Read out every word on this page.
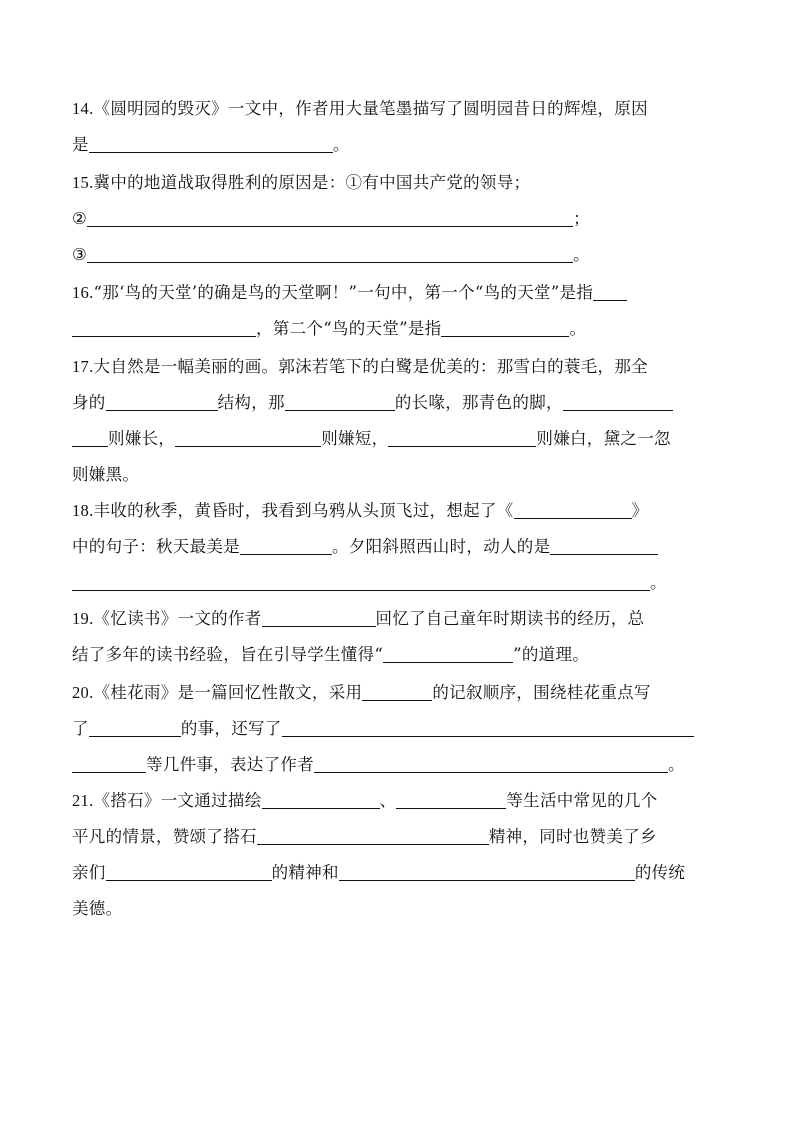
14.《圆明园的毁灭》一文中，作者用大量笔墨描写了圆明园昔日的辉煌，原因
是	。
15.冀中的地道战取得胜利的原因是：①有中国共产党的领导；
②	；
③	。
16.“那‘鸟的天堂’的确是鸟的天堂啊！”一句中，第一个“鸟的天堂”是指
，第二个“鸟的天堂”是指	。
17.大自然是一幅美丽的画。郭沫若笔下的白鹭是优美的：那雪白的蓑毛，那全
身的	结构，那	的长喙，那青色的脚，
则嫌长，	则嫌短，	则嫌白，黛之一忽
则嫌黑。
18.丰收的秋季，黄昏时，我看到乌鸦从头顶飞过，想起了《	》
中的句子：秋天最美是	。夕阳斜照西山时，动人的是
。
19.《忆读书》一文的作者	回忆了自己童年时期读书的经历，总
结了多年的读书经验，旨在引导学生懂得“	”的道理。
20.《桂花雨》是一篇回忆性散文，采用	的记叙顺序，围绕桂花重点写
了	的事，还写了
等几件事，表达了作者	。
21.《搭石》一文通过描绘	、	等生活中常见的几个
平凡的情景，赞颂了搭石	精神，同时也赞美了乡
亲们	的精神和	的传统
美德。
